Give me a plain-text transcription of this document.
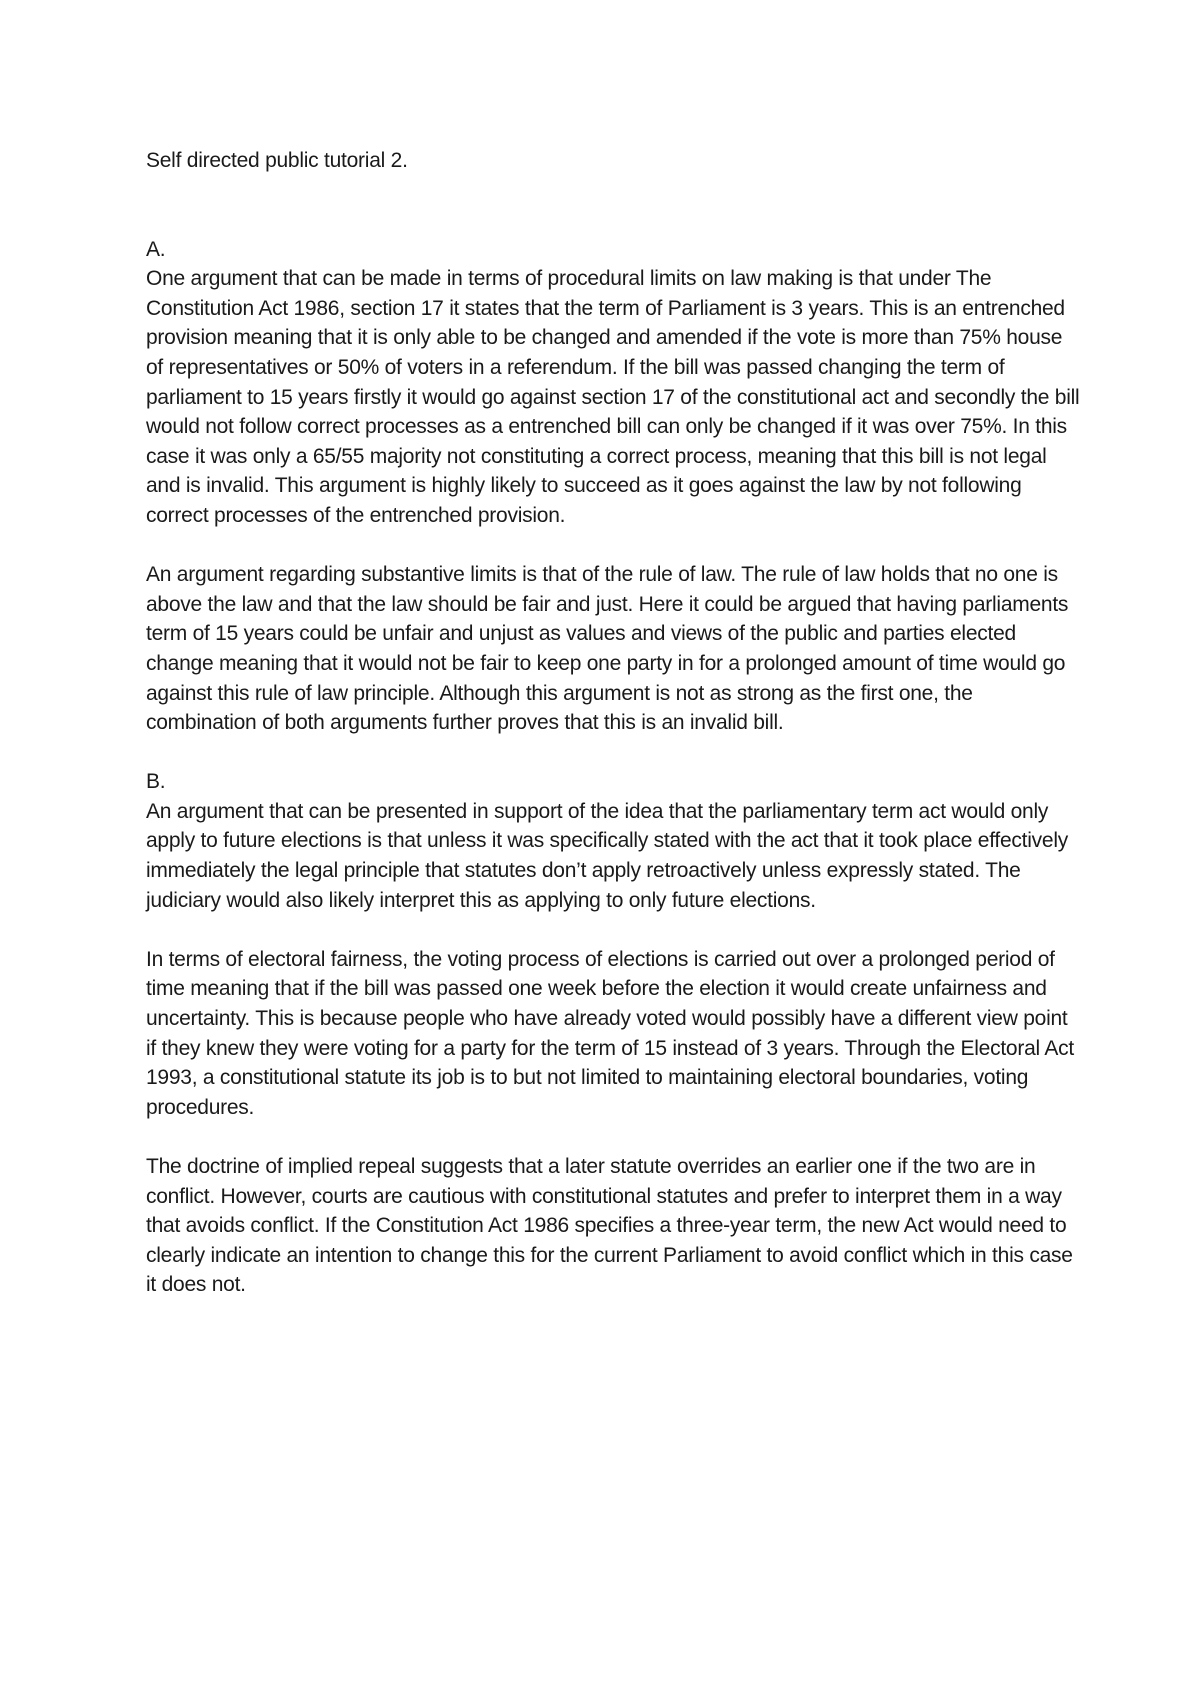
Self directed public tutorial 2.

A.

One argument that can be made in terms of procedural limits on law making is that under The Constitution Act 1986, section 17 it states that the term of Parliament is 3 years. This is an entrenched provision meaning that it is only able to be changed and amended if the vote is more than 75% house of representatives or 50% of voters in a referendum. If the bill was passed changing the term of parliament to 15 years firstly it would go against section 17 of the constitutional act and secondly the bill would not follow correct processes as a entrenched bill can only be changed if it was over 75%. In this case it was only a 65/55 majority not constituting a correct process, meaning that this bill is not legal and is invalid. This argument is highly likely to succeed as it goes against the law by not following correct processes of the entrenched provision.

An argument regarding substantive limits is that of the rule of law. The rule of law holds that no one is above the law and that the law should be fair and just. Here it could be argued that having parliaments term of 15 years could be unfair and unjust as values and views of the public and parties elected change meaning that it would not be fair to keep one party in for a prolonged amount of time would go against this rule of law principle. Although this argument is not as strong as the first one, the combination of both arguments further proves that this is an invalid bill.

B.

An argument that can be presented in support of the idea that the parliamentary term act would only apply to future elections is that unless it was specifically stated with the act that it took place effectively immediately the legal principle that statutes don’t apply retroactively unless expressly stated. The judiciary would also likely interpret this as applying to only future elections.

In terms of electoral fairness, the voting process of elections is carried out over a prolonged period of time meaning that if the bill was passed one week before the election it would create unfairness and uncertainty. This is because people who have already voted would possibly have a different view point if they knew they were voting for a party for the term of 15 instead of 3 years. Through the Electoral Act 1993, a constitutional statute its job is to but not limited to maintaining electoral boundaries, voting procedures.

The doctrine of implied repeal suggests that a later statute overrides an earlier one if the two are in conflict. However, courts are cautious with constitutional statutes and prefer to interpret them in a way that avoids conflict. If the Constitution Act 1986 specifies a three-year term, the new Act would need to clearly indicate an intention to change this for the current Parliament to avoid conflict which in this case it does not.
